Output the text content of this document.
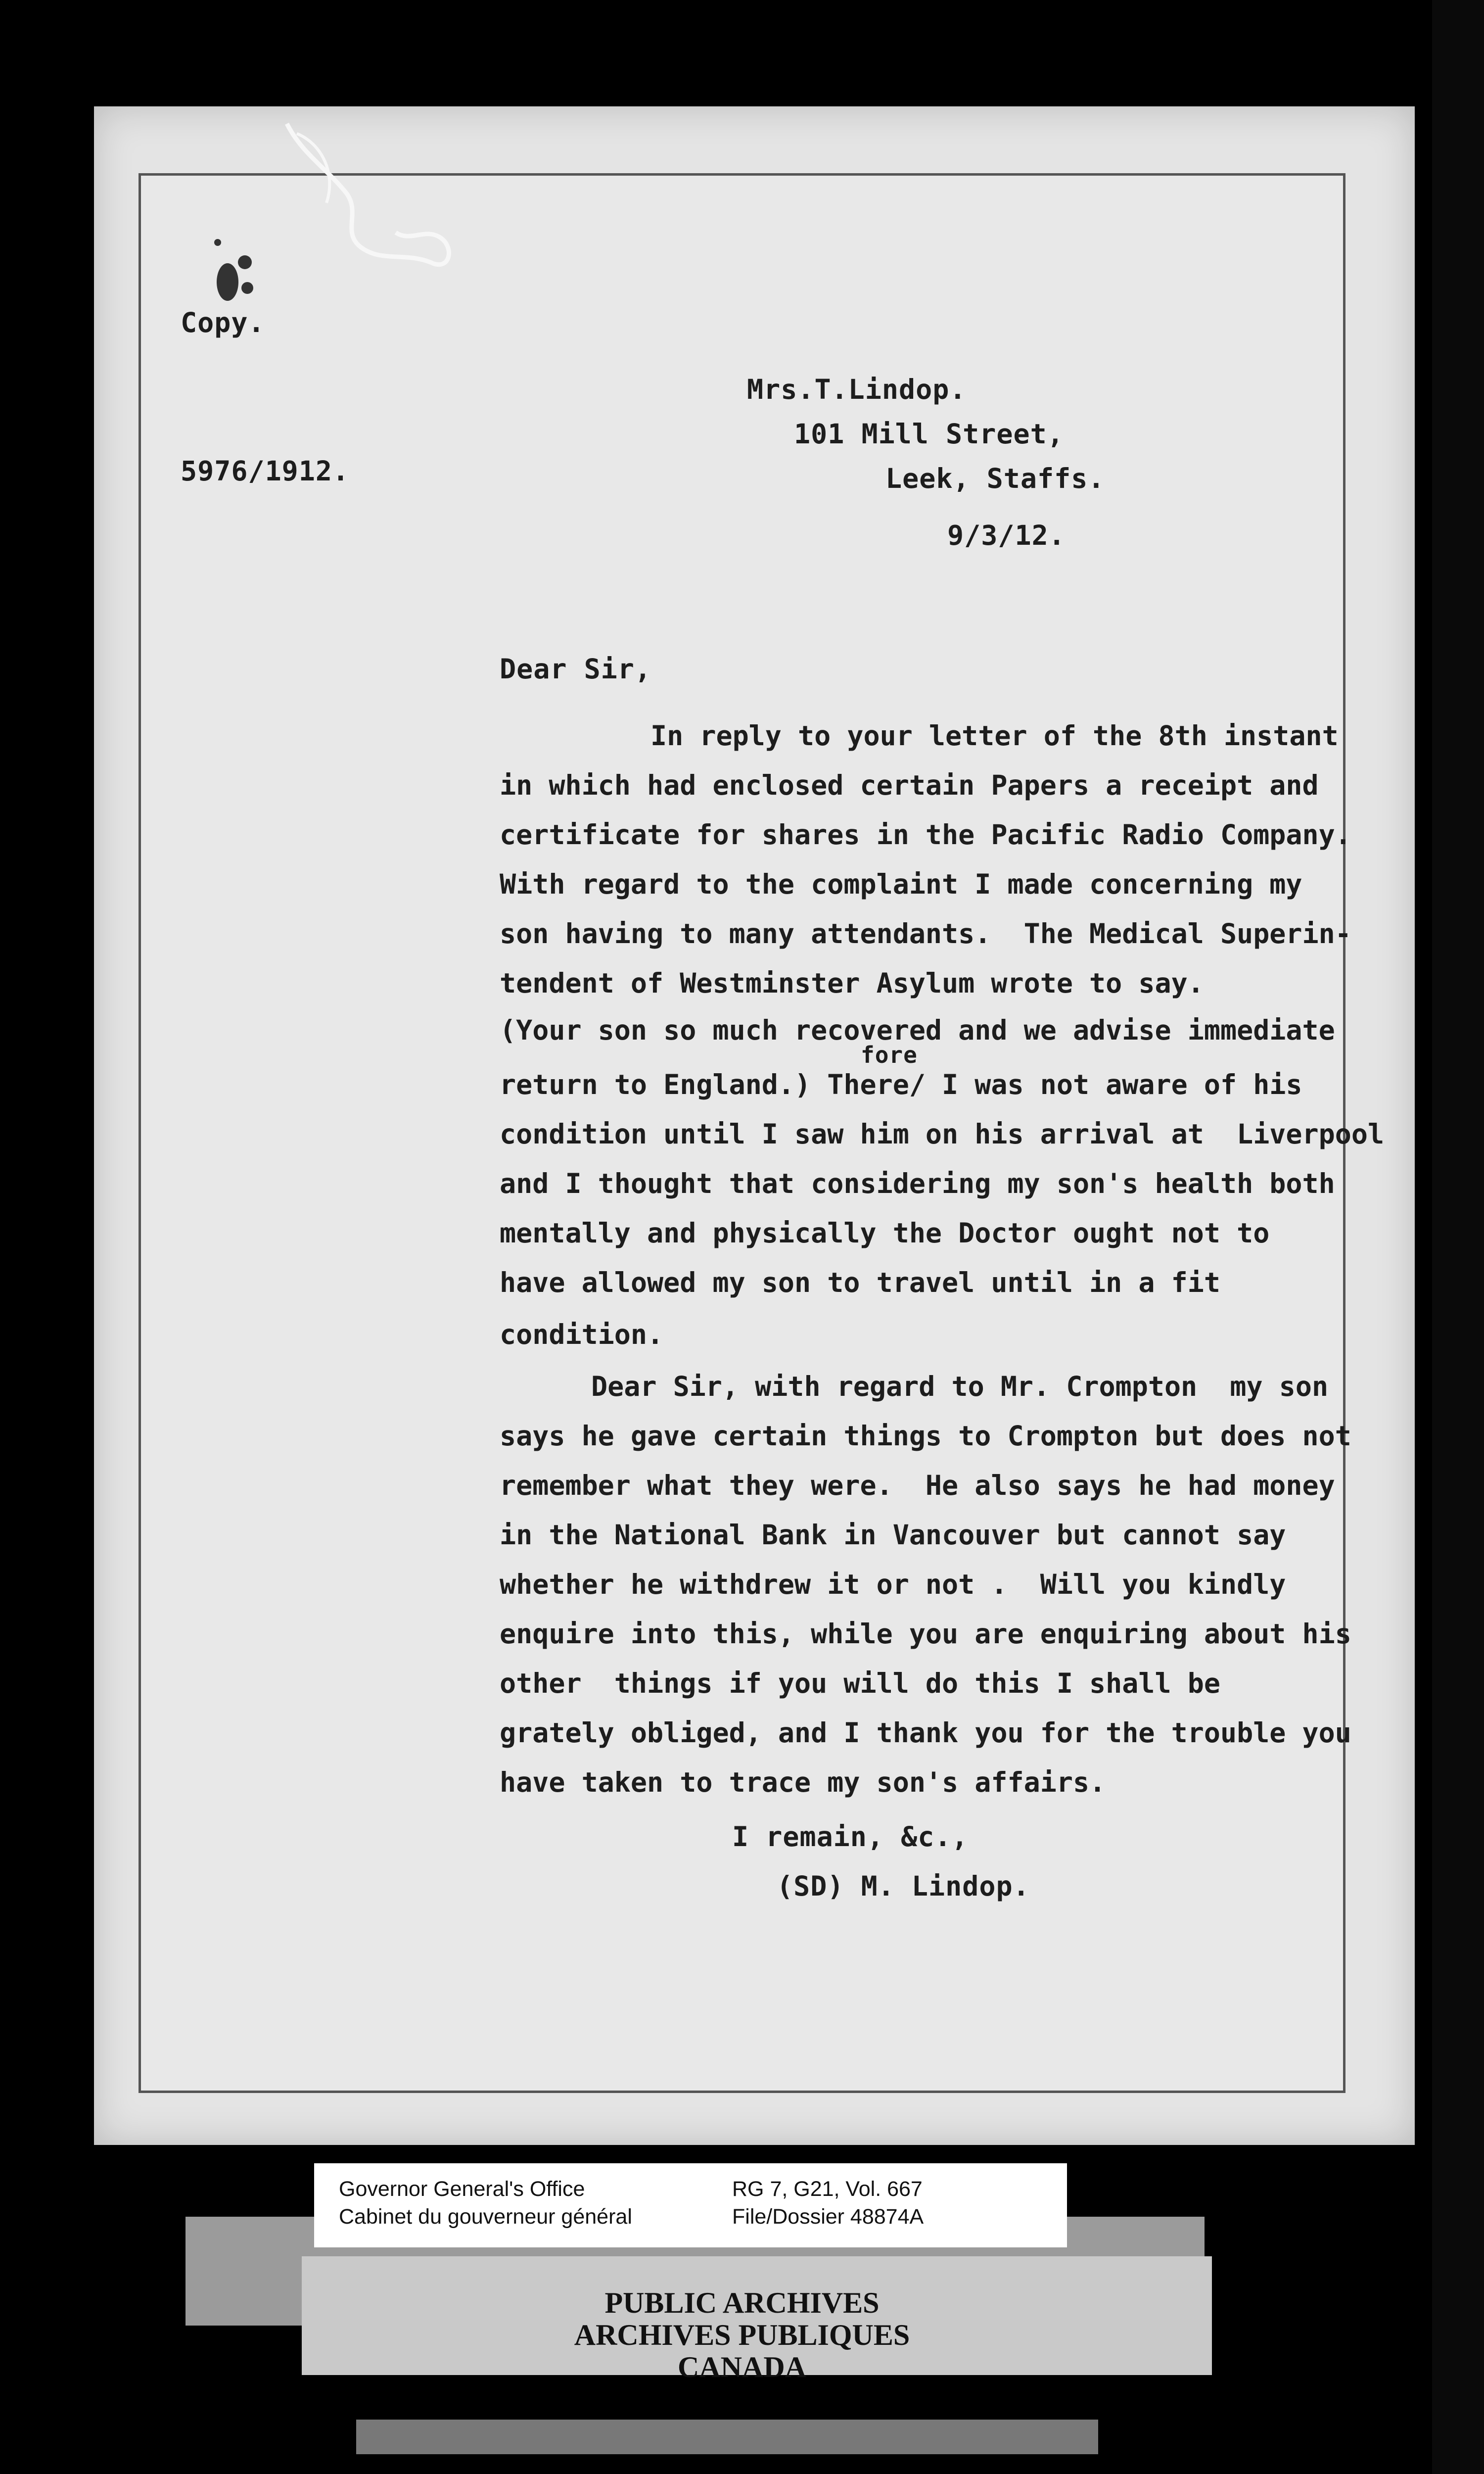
Copy.
5976/1912.
Mrs.T.Lindop.
101 Mill Street,
Leek, Staffs.
9/3/12.
Dear Sir,
In reply to your letter of the 8th instant
in which had enclosed certain Papers a receipt and
certificate for shares in the Pacific Radio Company.
With regard to the complaint I made concerning my
son having to many attendants.  The Medical Superin-
tendent of Westminster Asylum wrote to say.
(Your son so much recovered and we advise immediate
fore
return to England.) There/ I was not aware of his
condition until I saw him on his arrival at  Liverpool
and I thought that considering my son's health both
mentally and physically the Doctor ought not to
have allowed my son to travel until in a fit
condition.
Dear Sir, with regard to Mr. Crompton  my son
says he gave certain things to Crompton but does not
remember what they were.  He also says he had money
in the National Bank in Vancouver but cannot say
whether he withdrew it or not .  Will you kindly
enquire into this, while you are enquiring about his
other  things if you will do this I shall be
grately obliged, and I thank you for the trouble you
have taken to trace my son's affairs.
I remain, &c.,
(SD) M. Lindop.
Governor General's Office
Cabinet du gouverneur général
RG 7, G21, Vol. 667
File/Dossier 48874A
PUBLIC ARCHIVES
ARCHIVES PUBLIQUES
CANADA
